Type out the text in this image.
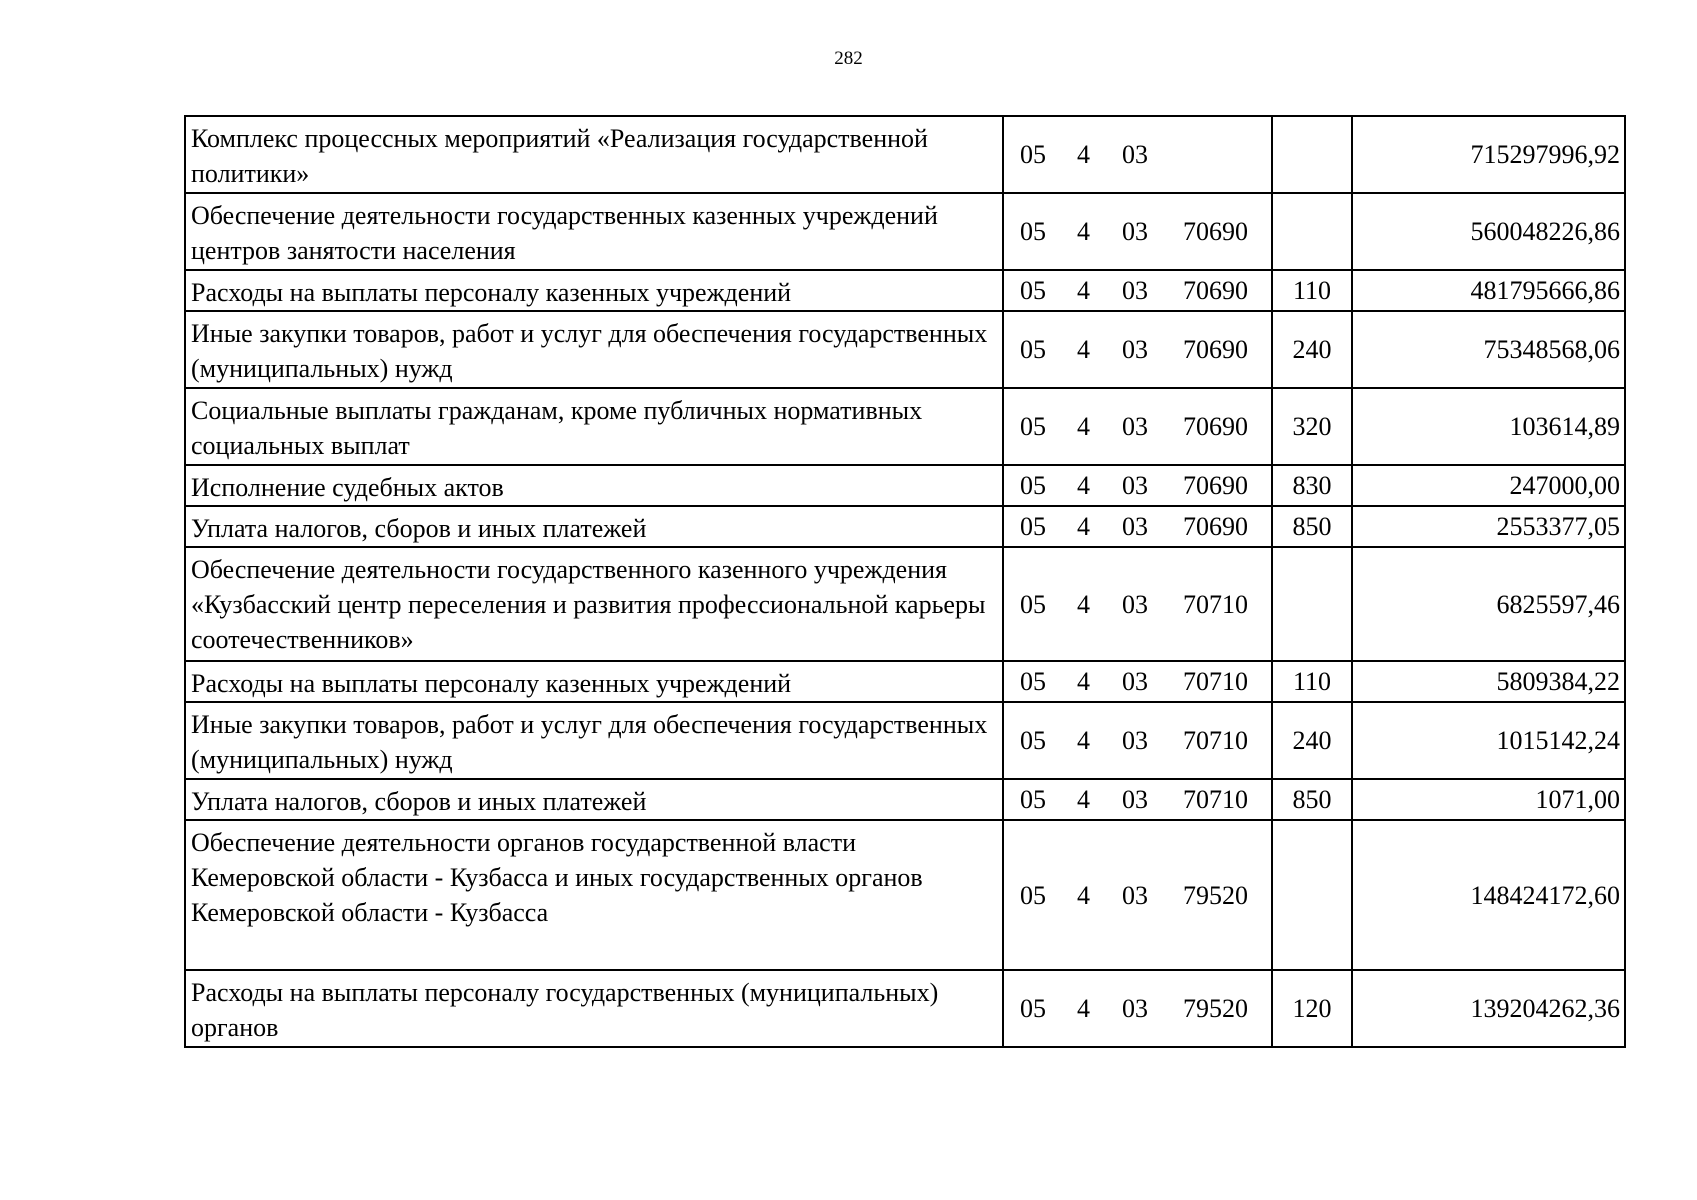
282
Комплекс процессных мероприятий «Реализация государственной политики»	05 4 03		715297996,92
Обеспечение деятельности государственных казенных учреждений центров занятости населения	05 4 03 70690		560048226,86
Расходы на выплаты персоналу казенных учреждений	05 4 03 70690	110	481795666,86
Иные закупки товаров, работ и услуг для обеспечения государственных (муниципальных) нужд	05 4 03 70690	240	75348568,06
Социальные выплаты гражданам, кроме публичных нормативных социальных выплат	05 4 03 70690	320	103614,89
Исполнение судебных актов	05 4 03 70690	830	247000,00
Уплата налогов, сборов и иных платежей	05 4 03 70690	850	2553377,05
Обеспечение деятельности государственного казенного учреждения «Кузбасский центр переселения и развития профессиональной карьеры соотечественников»	05 4 03 70710		6825597,46
Расходы на выплаты персоналу казенных учреждений	05 4 03 70710	110	5809384,22
Иные закупки товаров, работ и услуг для обеспечения государственных (муниципальных) нужд	05 4 03 70710	240	1015142,24
Уплата налогов, сборов и иных платежей	05 4 03 70710	850	1071,00
Обеспечение деятельности органов государственной власти Кемеровской области - Кузбасса и иных государственных органов Кемеровской области - Кузбасса	05 4 03 79520		148424172,60
Расходы на выплаты персоналу государственных (муниципальных) органов	05 4 03 79520	120	139204262,36
